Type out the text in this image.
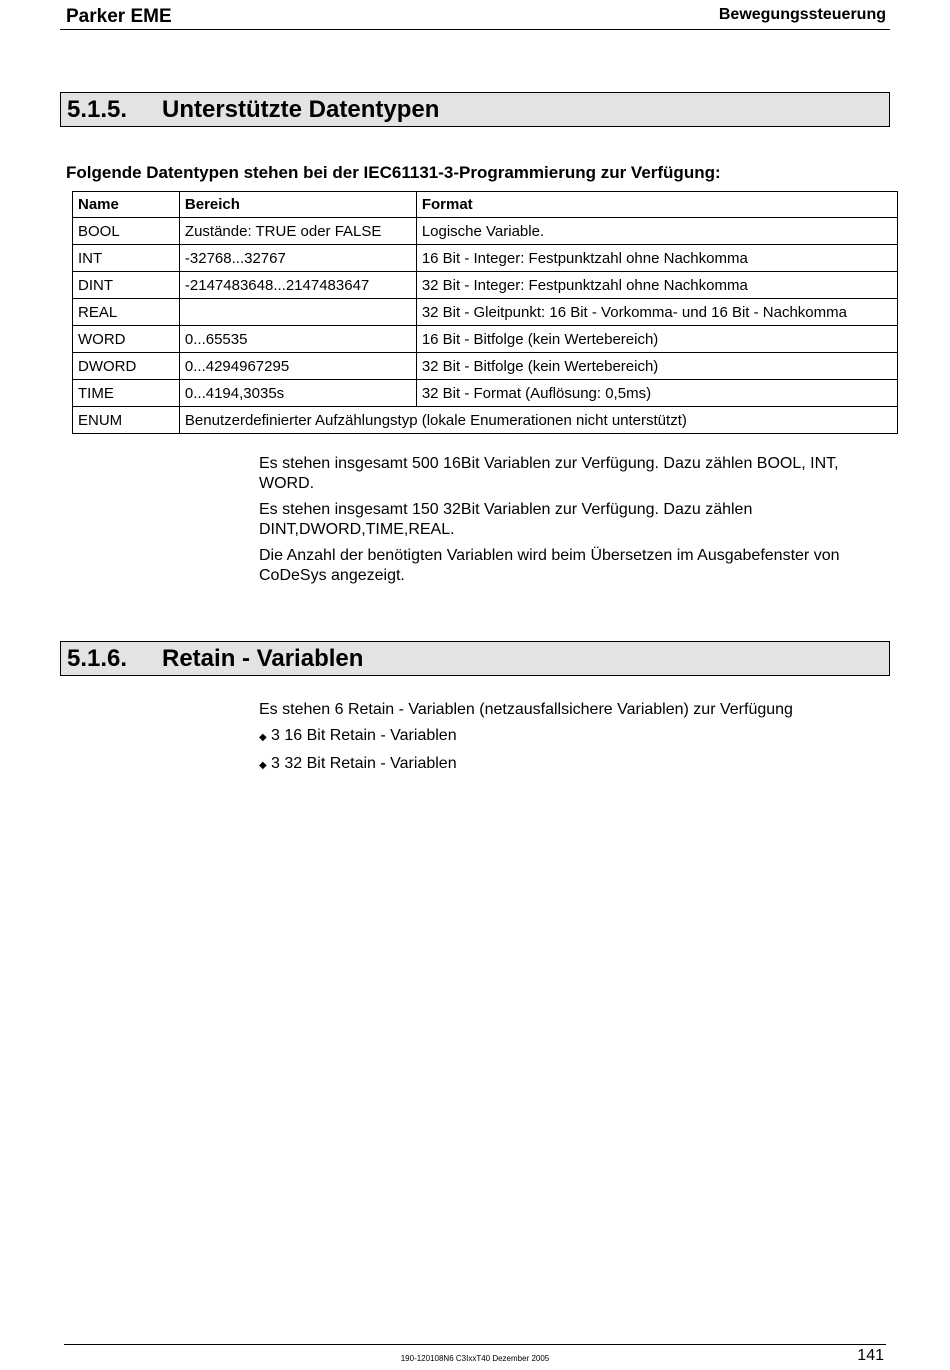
Parker EME	Bewegungssteuerung
5.1.5. Unterstützte Datentypen
Folgende Datentypen stehen bei der IEC61131-3-Programmierung zur Verfügung:
Name	Bereich	Format
BOOL	Zustände: TRUE oder FALSE	Logische Variable.
INT	-32768...32767	16 Bit - Integer: Festpunktzahl ohne Nachkomma
DINT	-2147483648...2147483647	32 Bit - Integer: Festpunktzahl ohne Nachkomma
REAL		32 Bit - Gleitpunkt: 16 Bit - Vorkomma- und 16 Bit - Nachkomma
WORD	0...65535	16 Bit - Bitfolge (kein Wertebereich)
DWORD	0...4294967295	32 Bit - Bitfolge (kein Wertebereich)
TIME	0...4194,3035s	32 Bit - Format (Auflösung: 0,5ms)
ENUM	Benutzerdefinierter Aufzählungstyp (lokale Enumerationen nicht unterstützt)	

Es stehen insgesamt 500 16Bit Variablen zur Verfügung. Dazu zählen BOOL, INT, WORD.

Es stehen insgesamt 150 32Bit Variablen zur Verfügung. Dazu zählen DINT,DWORD,TIME,REAL.

Die Anzahl der benötigten Variablen wird beim Übersetzen im Ausgabefenster von CoDeSys angezeigt.

5.1.6. Retain - Variablen

Es stehen 6 Retain - Variablen (netzausfallsichere Variablen) zur Verfügung

◆ 3 16 Bit Retain - Variablen
◆ 3 32 Bit Retain - Variablen
190-120108N6 C3IxxT40 Dezember 2005	141
